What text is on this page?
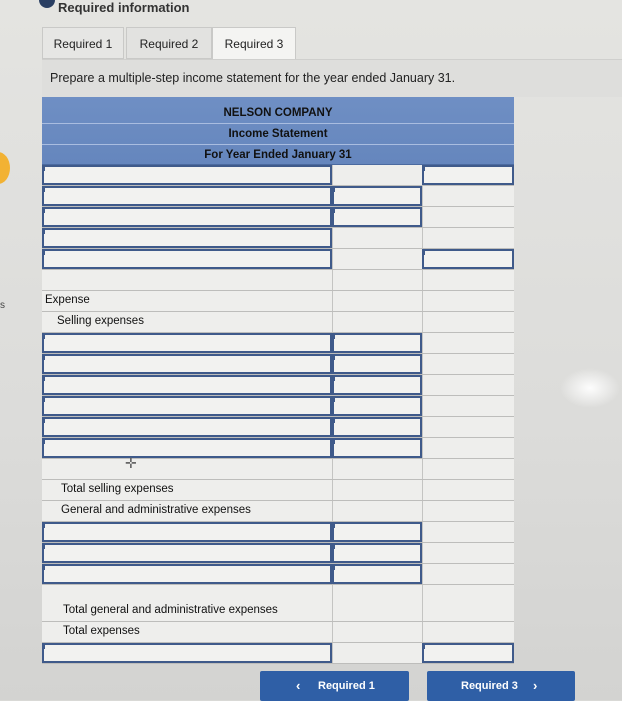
s
Required information
Required 1	Required 2	Required 3
Prepare a multiple-step income statement for the year ended January 31.
NELSON COMPANY
Income Statement
For Year Ended January 31
Expense
Selling expenses
Total selling expenses
General and administrative expenses
Total general and administrative expenses
Total expenses
✛
‹ Required 1	Required 3 ›
